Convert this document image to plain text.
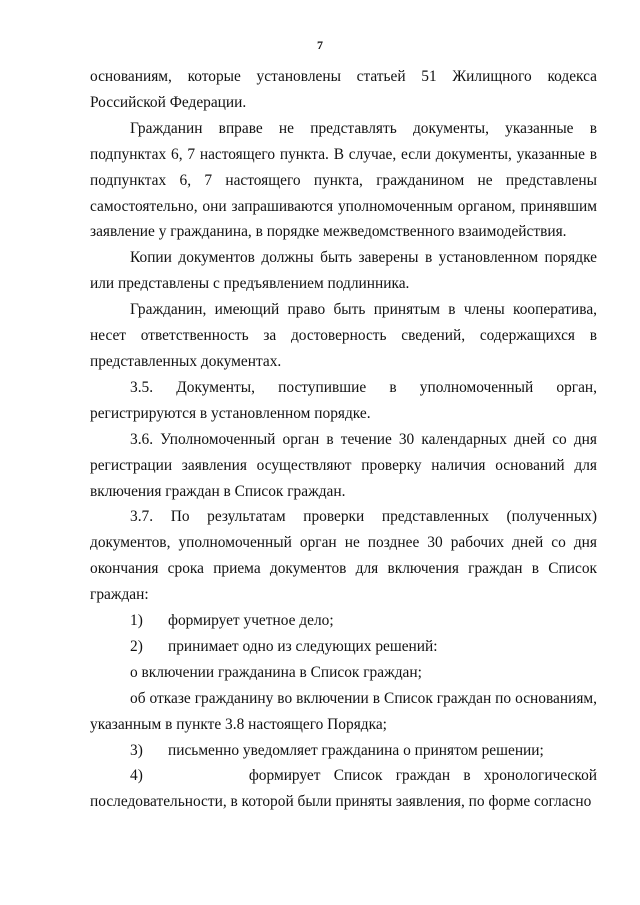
7

основаниям, которые установлены статьей 51 Жилищного кодекса Российской Федерации.

Гражданин вправе не представлять документы, указанные в подпунктах 6, 7 настоящего пункта. В случае, если документы, указанные в подпунктах 6, 7 настоящего пункта, гражданином не представлены самостоятельно, они запрашиваются уполномоченным органом, принявшим заявление у гражданина, в порядке межведомственного взаимодействия.

Копии документов должны быть заверены в установленном порядке или представлены с предъявлением подлинника.

Гражданин, имеющий право быть принятым в члены кооператива, несет ответственность за достоверность сведений, содержащихся в представленных документах.

3.5. Документы, поступившие в уполномоченный орган, регистрируются в установленном порядке.

3.6. Уполномоченный орган в течение 30 календарных дней со дня регистрации заявления осуществляют проверку наличия оснований для включения граждан в Список граждан.

3.7. По результатам проверки представленных (полученных) документов, уполномоченный орган не позднее 30 рабочих дней со дня окончания срока приема документов для включения граждан в Список граждан:

1) формирует учетное дело;

2) принимает одно из следующих решений:

о включении гражданина в Список граждан;

об отказе гражданину во включении в Список граждан по основаниям, указанным в пункте 3.8 настоящего Порядка;

3) письменно уведомляет гражданина о принятом решении;

4)	формирует Список граждан в хронологической последовательности, в которой были приняты заявления, по форме согласно
